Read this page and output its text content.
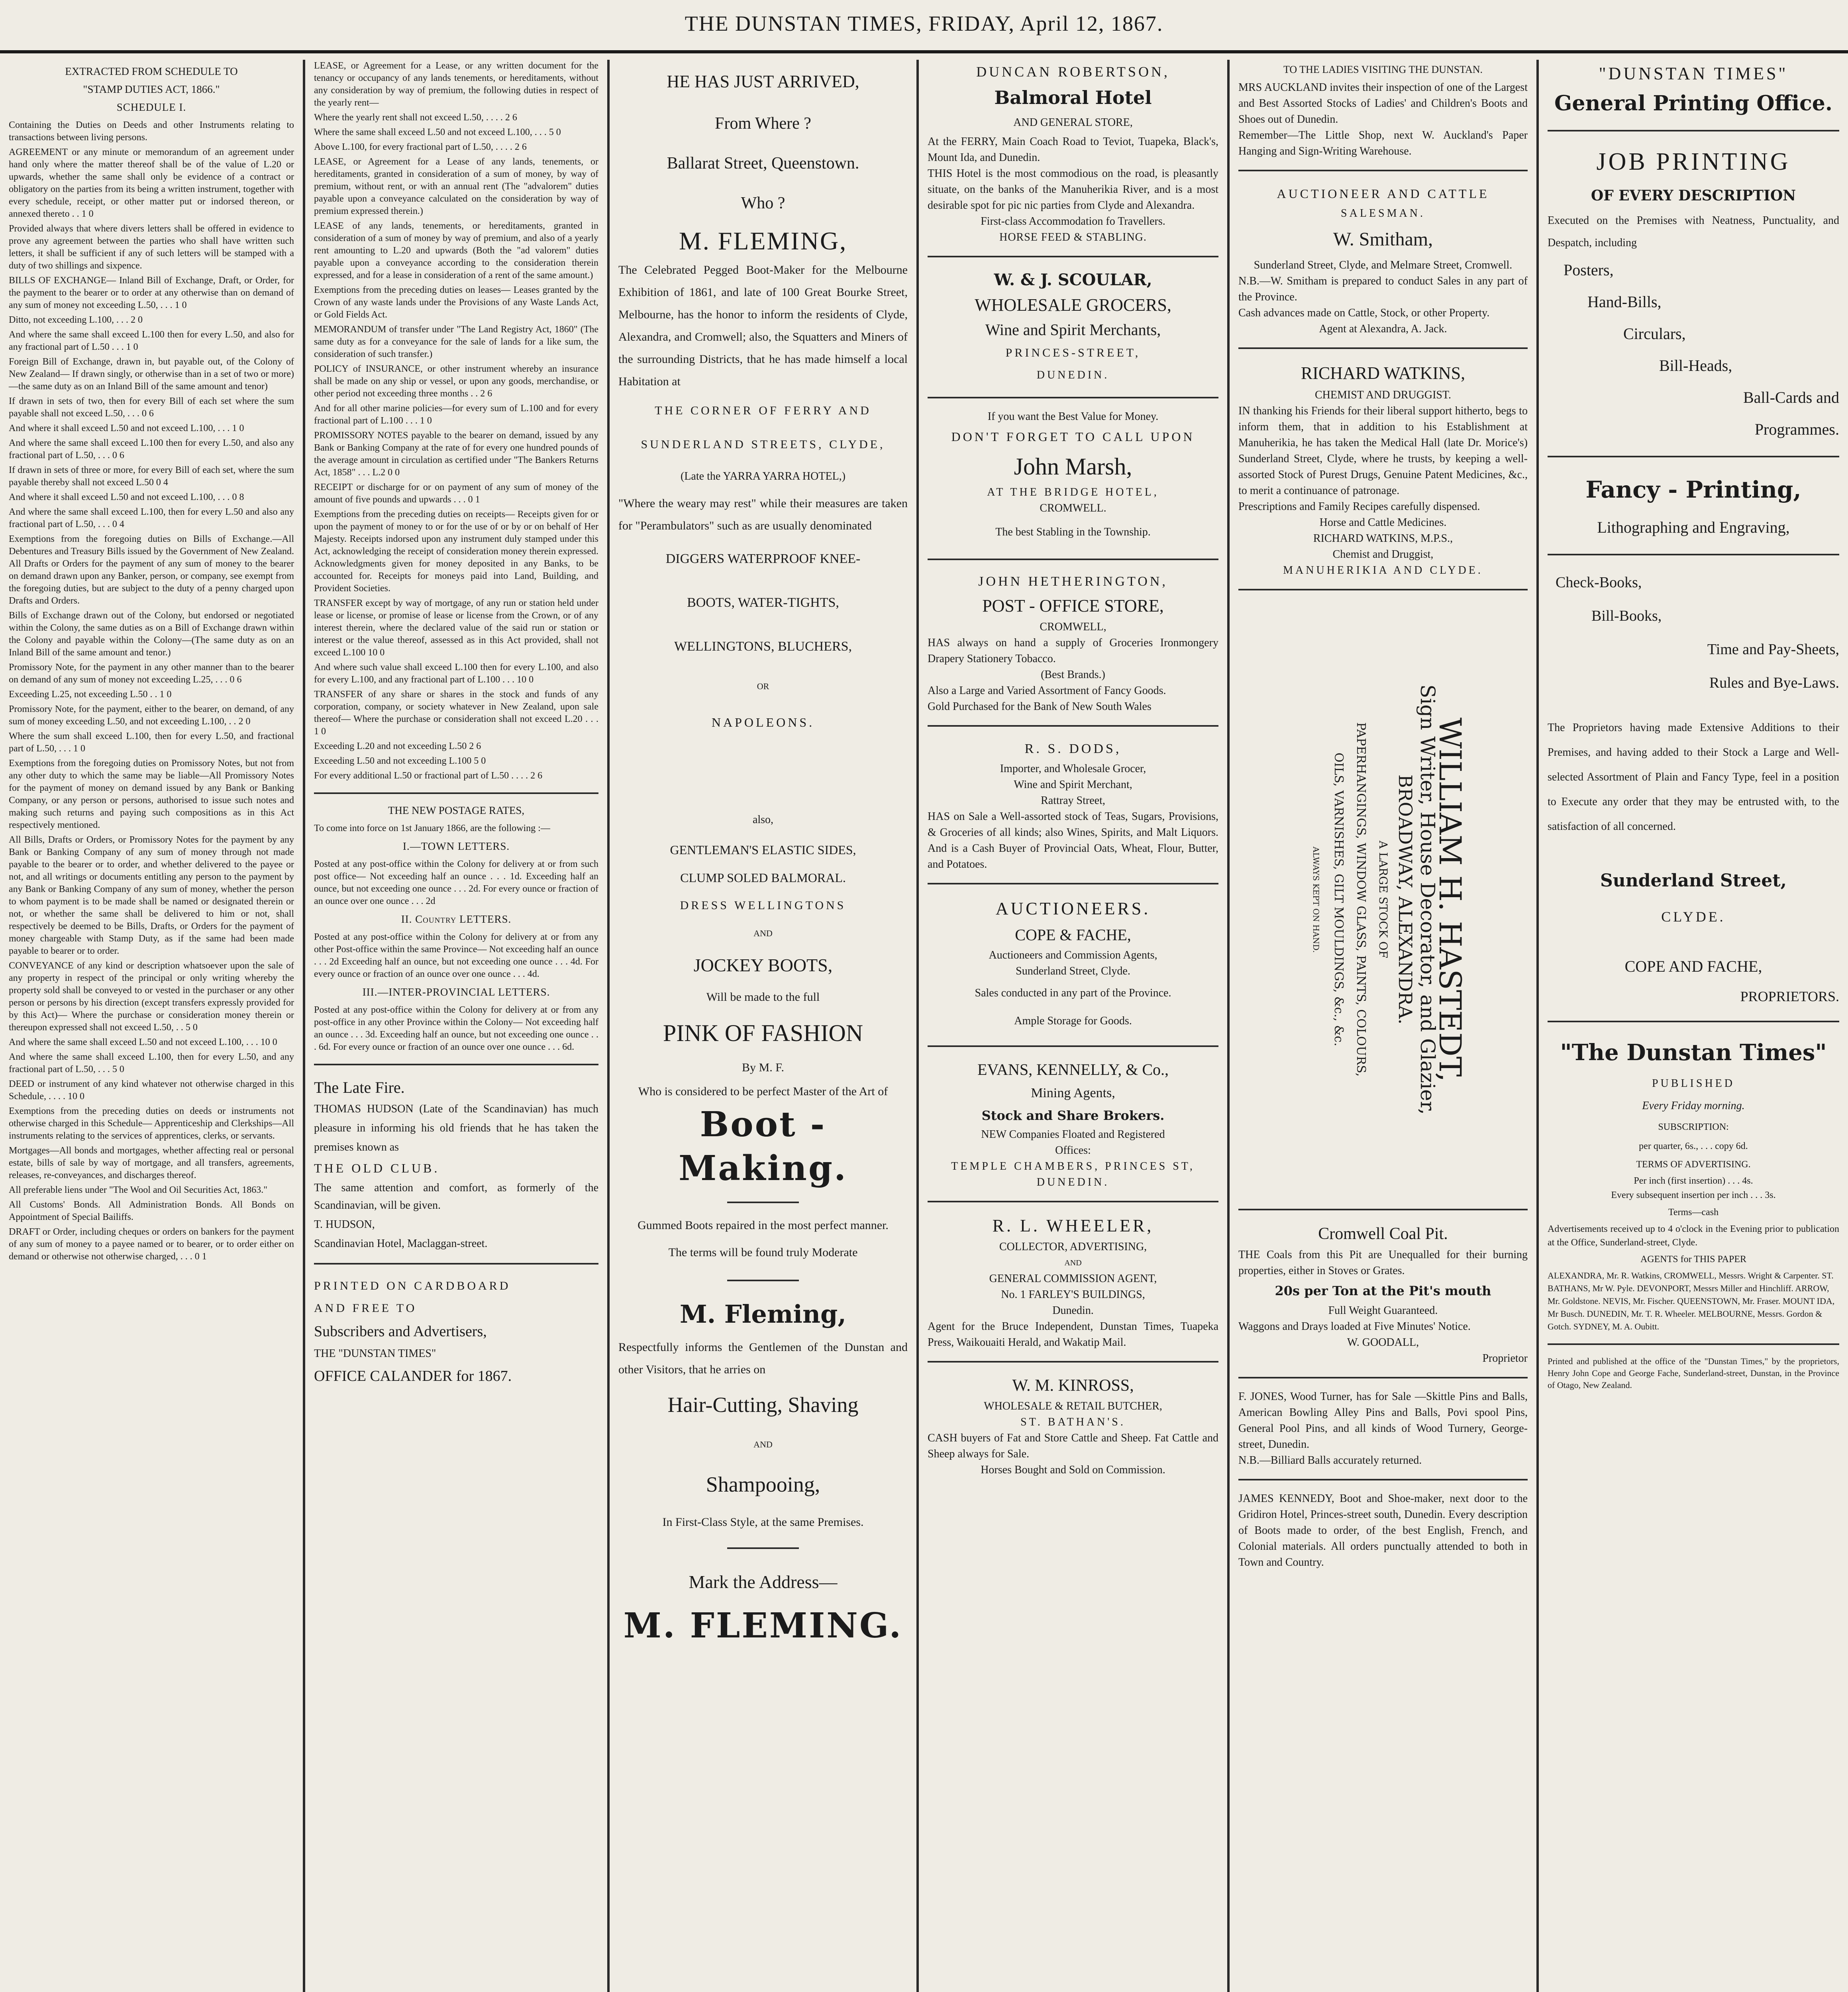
THE DUNSTAN TIMES, FRIDAY, April 12, 1867.
EXTRACTED FROM SCHEDULE TO
"STAMP DUTIES ACT, 1866."
SCHEDULE I.

Containing the Duties on Deeds and other Instruments relating to transactions between living persons.

AGREEMENT or any minute or memorandum of an agreement under hand only where the matter thereof shall be of the value of L.20 or upwards, whether the same shall only be evidence of a contract or obligatory on the parties from its being a written instrument, together with every schedule, receipt, or other matter put or indorsed thereon, or annexed thereto . . 1 0

Provided always that where divers letters shall be offered in evidence to prove any agreement between the parties who shall have written such letters, it shall be sufficient if any of such letters will be stamped with a duty of two shillings and sixpence.

BILLS OF EXCHANGE— Inland Bill of Exchange, Draft, or Order, for the payment to the bearer or to order at any otherwise than on demand of any sum of money not exceeding L.50, . . . 1 0

Ditto, not exceeding L.100, . . . 2 0

And where the same shall exceed L.100 then for every L.50, and also for any fractional part of L.50 . . . 1 0

Foreign Bill of Exchange, drawn in, but payable out, of the Colony of New Zealand— If drawn singly, or otherwise than in a set of two or more)—the same duty as on an Inland Bill of the same amount and tenor)

If drawn in sets of two, then for every Bill of each set where the sum payable shall not exceed L.50, . . . 0 6

And where it shall exceed L.50 and not exceed L.100, . . . 1 0

And where the same shall exceed L.100 then for every L.50, and also any fractional part of L.50, . . . 0 6

If drawn in sets of three or more, for every Bill of each set, where the sum payable thereby shall not exceed L.50 0 4

And where it shall exceed L.50 and not exceed L.100, . . . 0 8

And where the same shall exceed L.100, then for every L.50 and also any fractional part of L.50, . . . 0 4

Exemptions from the foregoing duties on Bills of Exchange.—All Debentures and Treasury Bills issued by the Government of New Zealand. All Drafts or Orders for the payment of any sum of money to the bearer on demand drawn upon any Banker, person, or company, see exempt from the foregoing duties, but are subject to the duty of a penny charged upon Drafts and Orders.

Bills of Exchange drawn out of the Colony, but endorsed or negotiated within the Colony, the same duties as on a Bill of Exchange drawn within the Colony and payable within the Colony—(The same duty as on an Inland Bill of the same amount and tenor.)

Promissory Note, for the payment in any other manner than to the bearer on demand of any sum of money not exceeding L.25, . . . 0 6

Exceeding L.25, not exceeding L.50 . . 1 0

Promissory Note, for the payment, either to the bearer, on demand, of any sum of money exceeding L.50, and not exceeding L.100, . . 2 0

Where the sum shall exceed L.100, then for every L.50, and fractional part of L.50, . . . 1 0

Exemptions from the foregoing duties on Promissory Notes, but not from any other duty to which the same may be liable—All Promissory Notes for the payment of money on demand issued by any Bank or Banking Company, or any person or persons, authorised to issue such notes and making such returns and paying such compositions as in this Act respectively mentioned.

All Bills, Drafts or Orders, or Promissory Notes for the payment by any Bank or Banking Company of any sum of money through not made payable to the bearer or to order, and whether delivered to the payee or not, and all writings or documents entitling any person to the payment by any Bank or Banking Company of any sum of money, whether the person to whom payment is to be made shall be named or designated therein or not, or whether the same shall be delivered to him or not, shall respectively be deemed to be Bills, Drafts, or Orders for the payment of money chargeable with Stamp Duty, as if the same had been made payable to bearer or to order.

CONVEYANCE of any kind or description whatsoever upon the sale of any property in respect of the principal or only writing whereby the property sold shall be conveyed to or vested in the purchaser or any other person or persons by his direction (except transfers expressly provided for by this Act)— Where the purchase or consideration money therein or thereupon expressed shall not exceed L.50, . . 5 0

And where the same shall exceed L.50 and not exceed L.100, . . . 10 0

And where the same shall exceed L.100, then for every L.50, and any fractional part of L.50, . . . 5 0

DEED or instrument of any kind whatever not otherwise charged in this Schedule, . . . . 10 0

Exemptions from the preceding duties on deeds or instruments not otherwise charged in this Schedule— Apprenticeship and Clerkships—All instruments relating to the services of apprentices, clerks, or servants.

Mortgages—All bonds and mortgages, whether affecting real or personal estate, bills of sale by way of mortgage, and all transfers, agreements, releases, re-conveyances, and discharges thereof.

All preferable liens under "The Wool and Oil Securities Act, 1863."

All Customs' Bonds. All Administration Bonds. All Bonds on Appointment of Special Bailiffs.

DRAFT or Order, including cheques or orders on bankers for the payment of any sum of money to a payee named or to bearer, or to order either on demand or otherwise not otherwise charged, . . . 0 1

LEASE, or Agreement for a Lease, or any written document for the tenancy or occupancy of any lands tenements, or hereditaments, without any consideration by way of premium, the following duties in respect of the yearly rent—

Where the yearly rent shall not exceed L.50, . . . . 2 6

Where the same shall exceed L.50 and not exceed L.100, . . . 5 0

Above L.100, for every fractional part of L.50, . . . . 2 6

LEASE, or Agreement for a Lease of any lands, tenements, or hereditaments, granted in consideration of a sum of money, by way of premium, without rent, or with an annual rent (The "advalorem" duties payable upon a conveyance calculated on the consideration by way of premium expressed therein.)

LEASE of any lands, tenements, or hereditaments, granted in consideration of a sum of money by way of premium, and also of a yearly rent amounting to L.20 and upwards (Both the "ad valorem" duties payable upon a conveyance according to the consideration therein expressed, and for a lease in consideration of a rent of the same amount.)

Exemptions from the preceding duties on leases— Leases granted by the Crown of any waste lands under the Provisions of any Waste Lands Act, or Gold Fields Act.

MEMORANDUM of transfer under "The Land Registry Act, 1860" (The same duty as for a conveyance for the sale of lands for a like sum, the consideration of such transfer.)

POLICY of INSURANCE, or other instrument whereby an insurance shall be made on any ship or vessel, or upon any goods, merchandise, or other period not exceeding three months . . 2 6

And for all other marine policies—for every sum of L.100 and for every fractional part of L.100 . . . 1 0

PROMISSORY NOTES payable to the bearer on demand, issued by any Bank or Banking Company at the rate of for every one hundred pounds of the average amount in circulation as certified under "The Bankers Returns Act, 1858" . . . L.2 0 0

RECEIPT or discharge for or on payment of any sum of money of the amount of five pounds and upwards . . . 0 1

Exemptions from the preceding duties on receipts— Receipts given for or upon the payment of money to or for the use of or by or on behalf of Her Majesty. Receipts indorsed upon any instrument duly stamped under this Act, acknowledging the receipt of consideration money therein expressed. Acknowledgments given for money deposited in any Banks, to be accounted for. Receipts for moneys paid into Land, Building, and Provident Societies.

TRANSFER except by way of mortgage, of any run or station held under lease or license, or promise of lease or license from the Crown, or of any interest therein, where the declared value of the said run or station or interest or the value thereof, assessed as in this Act provided, shall not exceed L.100 10 0

And where such value shall exceed L.100 then for every L.100, and also for every L.100, and any fractional part of L.100 . . . 10 0

TRANSFER of any share or shares in the stock and funds of any corporation, company, or society whatever in New Zealand, upon sale thereof— Where the purchase or consideration shall not exceed L.20 . . . 1 0

Exceeding L.20 and not exceeding L.50 2 6

Exceeding L.50 and not exceeding L.100 5 0

For every additional L.50 or fractional part of L.50 . . . . 2 6

THE NEW POSTAGE RATES,

To come into force on 1st January 1866, are the following :—

I.—TOWN LETTERS.

Posted at any post-office within the Colony for delivery at or from such post office— Not exceeding half an ounce . . . 1d. Exceeding half an ounce, but not exceeding one ounce . . . 2d. For every ounce or fraction of an ounce over one ounce . . . 2d

II. Country LETTERS.

Posted at any post-office within the Colony for delivery at or from any other Post-office within the same Province— Not exceeding half an ounce . . . 2d Exceeding half an ounce, but not exceeding one ounce . . . 4d. For every ounce or fraction of an ounce over one ounce . . . 4d.

III.—INTER-PROVINCIAL LETTERS.

Posted at any post-office within the Colony for delivery at or from any post-office in any other Province within the Colony— Not exceeding half an ounce . . . 3d. Exceeding half an ounce, but not exceeding one ounce . . . 6d. For every ounce or fraction of an ounce over one ounce . . . 6d.

The Late Fire.

THOMAS HUDSON (Late of the Scandinavian) has much pleasure in informing his old friends that he has taken the premises known as

THE OLD CLUB.

The same attention and comfort, as formerly of the Scandinavian, will be given.

T. HUDSON,

Scandinavian Hotel, Maclaggan-street.

PRINTED ON CARDBOARD

AND FREE TO

Subscribers and Advertisers,

THE "DUNSTAN TIMES"

OFFICE CALANDER for 1867.

HE HAS JUST ARRIVED,

From Where ?

Ballarat Street, Queenstown.

Who ?

M. FLEMING,

The Celebrated Pegged Boot-Maker for the Melbourne Exhibition of 1861, and late of 100 Great Bourke Street, Melbourne, has the honor to inform the residents of Clyde, Alexandra, and Cromwell; also, the Squatters and Miners of the surrounding Districts, that he has made himself a local Habitation at

THE CORNER OF FERRY AND

SUNDERLAND STREETS, CLYDE,

(Late the YARRA YARRA HOTEL,)

"Where the weary may rest" while their measures are taken for "Perambulators" such as are usually denominated

DIGGERS WATERPROOF KNEE-

BOOTS, WATER-TIGHTS,

WELLINGTONS, BLUCHERS,

OR

NAPOLEONS.

also,

GENTLEMAN'S ELASTIC SIDES,

CLUMP SOLED BALMORAL.

DRESS WELLINGTONS

AND

JOCKEY BOOTS,

Will be made to the full

PINK OF FASHION

By M. F.

Who is considered to be perfect Master of the Art of

Boot - Making.

Gummed Boots repaired in the most perfect manner.

The terms will be found truly Moderate

M. Fleming,

Respectfully informs the Gentlemen of the Dunstan and other Visitors, that he arries on

Hair-Cutting, Shaving

AND

Shampooing,

In First-Class Style, at the same Premises.

Mark the Address—

M. FLEMING.

DUNCAN ROBERTSON,

Balmoral Hotel

AND GENERAL STORE,

At the FERRY, Main Coach Road to Teviot, Tuapeka, Black's, Mount Ida, and Dunedin.

THIS Hotel is the most commodious on the road, is pleasantly situate, on the banks of the Manuherikia River, and is a most desirable spot for pic nic parties from Clyde and Alexandra.

First-class Accommodation fo Travellers.

HORSE FEED & STABLING.

W. & J. SCOULAR,

WHOLESALE GROCERS,

Wine and Spirit Merchants,

PRINCES-STREET,

DUNEDIN.

If you want the Best Value for Money.

DON'T FORGET TO CALL UPON

John Marsh,

AT THE BRIDGE HOTEL,

CROMWELL.

The best Stabling in the Township.

JOHN HETHERINGTON,

POST - OFFICE STORE,

CROMWELL,

HAS always on hand a supply of Groceries Ironmongery Drapery Stationery Tobacco.

(Best Brands.)

Also a Large and Varied Assortment of Fancy Goods.

Gold Purchased for the Bank of New South Wales

R. S. DODS,

Importer, and Wholesale Grocer,

Wine and Spirit Merchant,

Rattray Street,

HAS on Sale a Well-assorted stock of Teas, Sugars, Provisions, & Groceries of all kinds; also Wines, Spirits, and Malt Liquors. And is a Cash Buyer of Provincial Oats, Wheat, Flour, Butter, and Potatoes.

AUCTIONEERS.

COPE & FACHE,

Auctioneers and Commission Agents,

Sunderland Street, Clyde.

Sales conducted in any part of the Province.

Ample Storage for Goods.

EVANS, KENNELLY, & Co.,

Mining Agents,

Stock and Share Brokers.

NEW Companies Floated and Registered

Offices:

TEMPLE CHAMBERS, PRINCES ST,

DUNEDIN.

R. L. WHEELER,

COLLECTOR, ADVERTISING,

AND

GENERAL COMMISSION AGENT,

No. 1 FARLEY'S BUILDINGS,

Dunedin.

Agent for the Bruce Independent, Dunstan Times, Tuapeka Press, Waikouaiti Herald, and Wakatip Mail.

W. M. KINROSS,

WHOLESALE & RETAIL BUTCHER,

ST. BATHAN'S.

CASH buyers of Fat and Store Cattle and Sheep. Fat Cattle and Sheep always for Sale.

Horses Bought and Sold on Commission.

TO THE LADIES VISITING THE DUNSTAN.

MRS AUCKLAND invites their inspection of one of the Largest and Best Assorted Stocks of Ladies' and Children's Boots and Shoes out of Dunedin.

Remember—The Little Shop, next W. Auckland's Paper Hanging and Sign-Writing Warehouse.

AUCTIONEER AND CATTLE

SALESMAN.

W. Smitham,

Sunderland Street, Clyde, and Melmare Street, Cromwell.

N.B.—W. Smitham is prepared to conduct Sales in any part of the Province.

Cash advances made on Cattle, Stock, or other Property.

Agent at Alexandra, A. Jack.

RICHARD WATKINS,

CHEMIST AND DRUGGIST.

IN thanking his Friends for their liberal support hitherto, begs to inform them, that in addition to his Establishment at Manuherikia, he has taken the Medical Hall (late Dr. Morice's) Sunderland Street, Clyde, where he trusts, by keeping a well-assorted Stock of Purest Drugs, Genuine Patent Medicines, &c., to merit a continuance of patronage.

Prescriptions and Family Recipes carefully dispensed.

Horse and Cattle Medicines.

RICHARD WATKINS, M.P.S.,

Chemist and Druggist,

MANUHERIKIA AND CLYDE.

WILLIAM H. HASTEDT,
Sign Writer, House Decorator, and Glazier,
BROADWAY, ALEXANDRA.
A LARGE STOCK OF
PAPERHANGINGS, WINDOW GLASS, PAINTS, COLOURS,
OILS, VARNISHES, GILT MOULDINGS, &c., &c.
ALWAYS KEPT ON HAND.

Cromwell Coal Pit.

THE Coals from this Pit are Unequalled for their burning properties, either in Stoves or Grates.

20s per Ton at the Pit's mouth

Full Weight Guaranteed.

Waggons and Drays loaded at Five Minutes' Notice.

W. GOODALL,

Proprietor

F. JONES, Wood Turner, has for Sale —Skittle Pins and Balls, American Bowling Alley Pins and Balls, Povi spool Pins, General Pool Pins, and all kinds of Wood Turnery, George-street, Dunedin.

N.B.—Billiard Balls accurately returned.

JAMES KENNEDY, Boot and Shoe-maker, next door to the Gridiron Hotel, Princes-street south, Dunedin. Every description of Boots made to order, of the best English, French, and Colonial materials. All orders punctually attended to both in Town and Country.

"DUNSTAN TIMES"

General Printing Office.

JOB PRINTING

OF EVERY DESCRIPTION

Executed on the Premises with Neatness, Punctuality, and Despatch, including

Posters,

Hand-Bills,

Circulars,

Bill-Heads,

Ball-Cards and

Programmes.

Fancy - Printing,

Lithographing and Engraving,

Check-Books,

Bill-Books,

Time and Pay-Sheets,

Rules and Bye-Laws.

The Proprietors having made Extensive Additions to their Premises, and having added to their Stock a Large and Well-selected Assortment of Plain and Fancy Type, feel in a position to Execute any order that they may be entrusted with, to the satisfaction of all concerned.

Sunderland Street,

CLYDE.

COPE AND FACHE,

PROPRIETORS.

"The Dunstan Times"

PUBLISHED

Every Friday morning.

SUBSCRIPTION:

per quarter, 6s., . . . copy 6d.

TERMS OF ADVERTISING.

Per inch (first insertion) . . . 4s.

Every subsequent insertion per inch . . . 3s.

Terms—cash

Advertisements received up to 4 o'clock in the Evening prior to publication at the Office, Sunderland-street, Clyde.

AGENTS for THIS PAPER

ALEXANDRA, Mr. R. Watkins, CROMWELL, Messrs. Wright & Carpenter. ST. BATHANS, Mr W. Pyle. DEVONPORT, Messrs Miller and Hinchliff. ARROW, Mr. Goldstone. NEVIS, Mr. Fischer. QUEENSTOWN, Mr. Fraser. MOUNT IDA, Mr Busch. DUNEDIN, Mr. T. R. Wheeler. MELBOURNE, Messrs. Gordon & Gotch. SYDNEY, M. A. Oubitt.

Printed and published at the office of the "Dunstan Times," by the proprietors, Henry John Cope and George Fache, Sunderland-street, Dunstan, in the Province of Otago, New Zealand.
